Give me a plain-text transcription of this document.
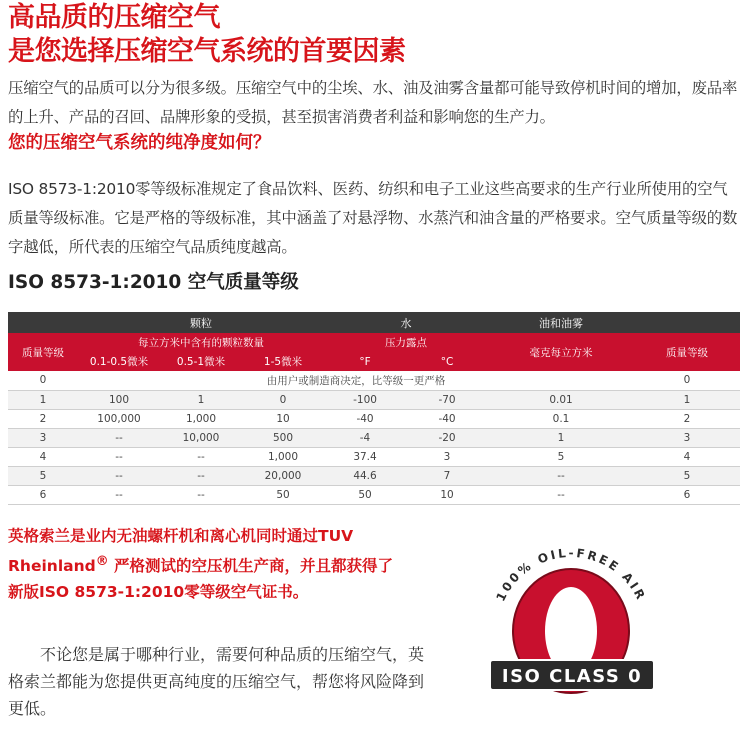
高品质的压缩空气
是您选择压缩空气系统的首要因素

压缩空气的品质可以分为很多级。压缩空气中的尘埃、水、油及油雾含量都可能导致停机时间的增加，废品率的上升、产品的召回、品牌形象的受损，甚至损害消费者利益和影响您的生产力。

您的压缩空气系统的纯净度如何？

ISO 8573-1:2010零等级标准规定了食品饮料、医药、纺织和电子工业这些高要求的生产行业所使用的空气质量等级标准。它是严格的等级标准，其中涵盖了对悬浮物、水蒸汽和油含量的严格要求。空气质量等级的数字越低，所代表的压缩空气品质纯度越高。

ISO 8573-1:2010 空气质量等级
	颗粒			水		油和油雾	
质量等级	每立方米中含有的颗粒数量			压力露点		毫克每立方米	质量等级
	0.1-0.5微米	0.5-1微米	1-5微米	°F	°C		
0	由用户或制造商决定，比等级一更严格						0
1	100	1	0	-100	-70	0.01	1
2	100,000	1,000	10	-40	-40	0.1	2
3	--	10,000	500	-4	-20	1	3
4	--	--	1,000	37.4	3	5	4
5	--	--	20,000	44.6	7	--	5
6	--	--	50	50	10	--	6

英格索兰是业内无油螺杆机和离心机同时通过TUV Rheinland® 严格测试的空压机生产商，并且都获得了新版ISO 8573-1:2010零等级空气证书。

不论您是属于哪种行业，需要何种品质的压缩空气，英格索兰都能为您提供更高纯度的压缩空气，帮您将风险降到更低。

100% OIL-FREE AIR
ISO CLASS 0
